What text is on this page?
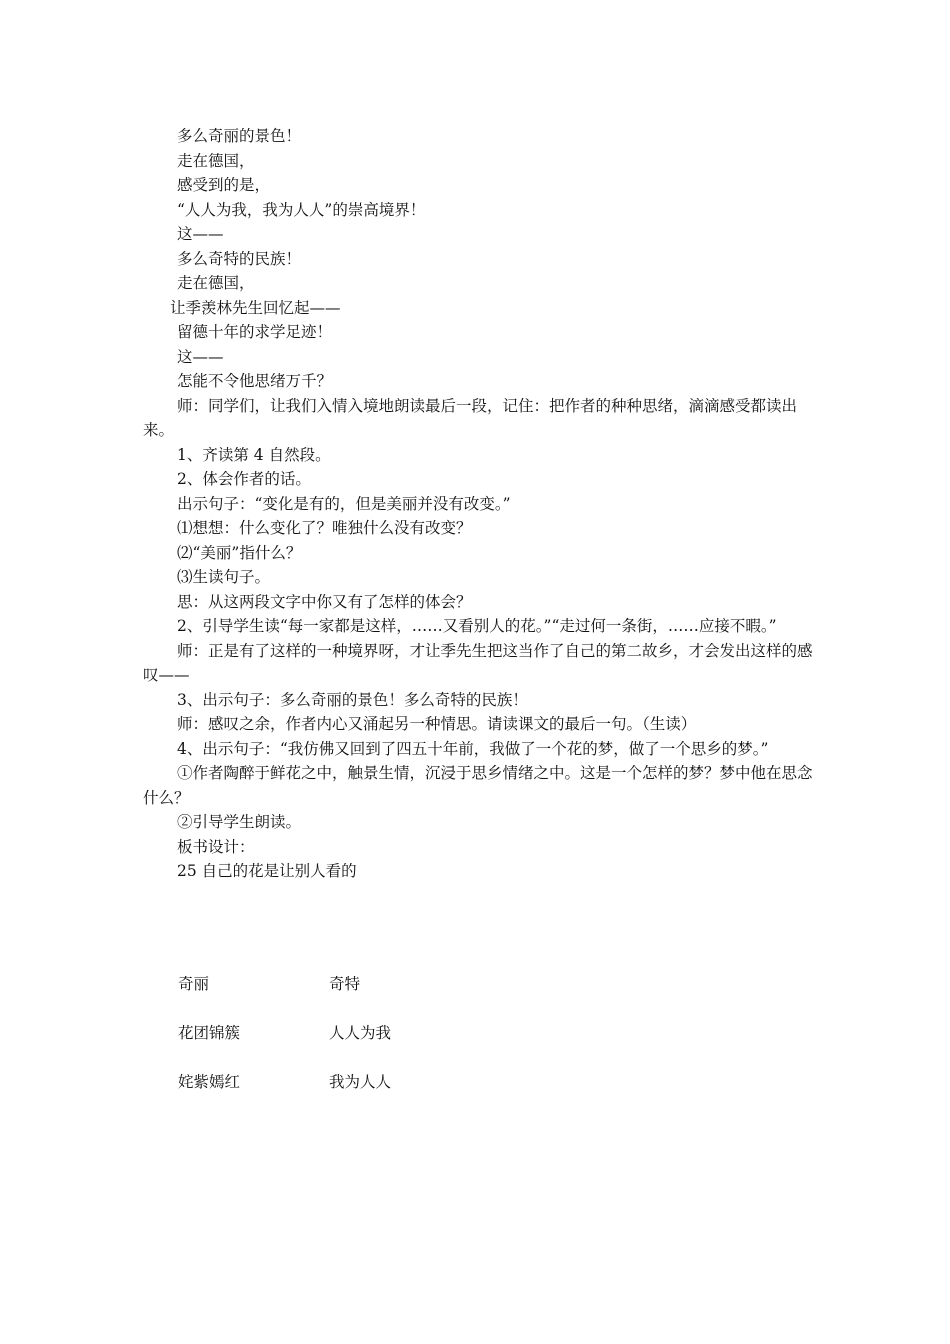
多么奇丽的景色！

走在德国，

感受到的是，

“人人为我，我为人人”的崇高境界！

这——

多么奇特的民族！

走在德国，

让季羡林先生回忆起——

留德十年的求学足迹！

这——

怎能不令他思绪万千？

师：同学们，让我们入情入境地朗读最后一段，记住：把作者的种种思绪，滴滴感受都读出来。

1、齐读第 4 自然段。

2、体会作者的话。

出示句子：“变化是有的，但是美丽并没有改变。”

⑴想想：什么变化了？唯独什么没有改变？

⑵“美丽”指什么？

⑶生读句子。

思：从这两段文字中你又有了怎样的体会？

2、引导学生读“每一家都是这样，……又看别人的花。”“走过何一条街，……应接不暇。”

师：正是有了这样的一种境界呀，才让季先生把这当作了自己的第二故乡，才会发出这样的感叹——

3、出示句子：多么奇丽的景色！多么奇特的民族！

师：感叹之余，作者内心又涌起另一种情思。请读课文的最后一句。（生读）

4、出示句子：“我仿佛又回到了四五十年前，我做了一个花的梦，做了一个思乡的梦。”

①作者陶醉于鲜花之中，触景生情，沉浸于思乡情绪之中。这是一个怎样的梦？梦中他在思念什么？

②引导学生朗读。

板书设计：

25 自己的花是让别人看的

奇丽	奇特
花团锦簇	人人为我
姹紫嫣红	我为人人
